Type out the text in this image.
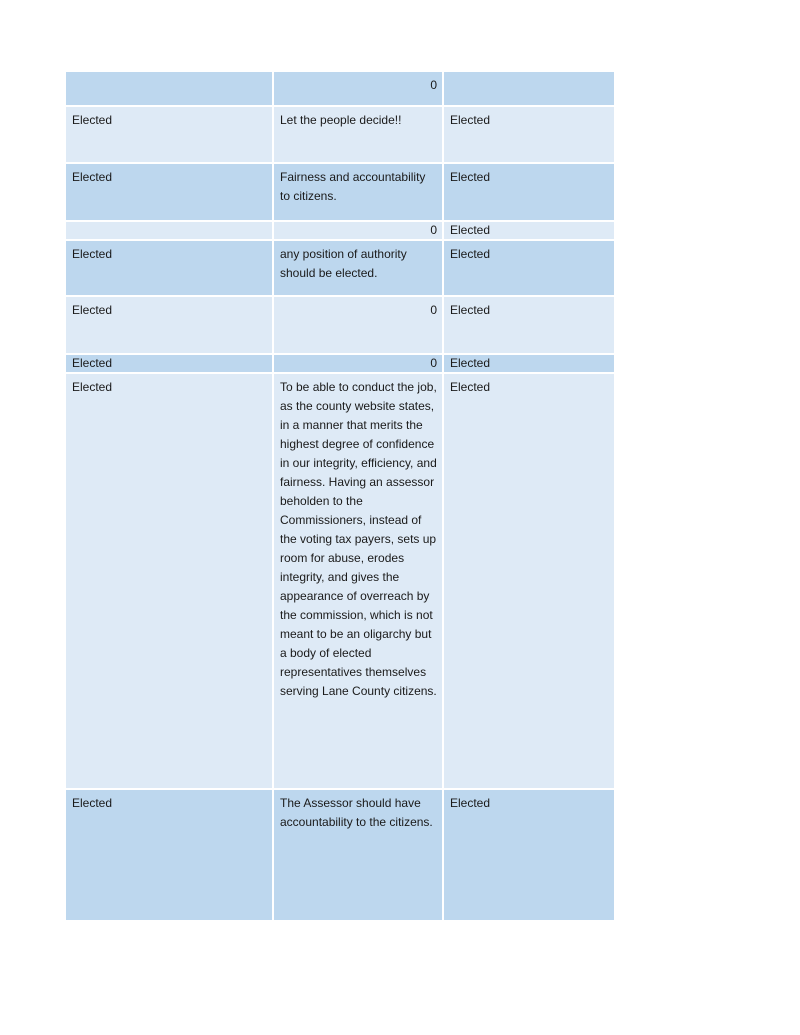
	0	
Elected	Let the people decide!!	Elected
Elected	Fairness and accountability to citizens.	Elected
	0	Elected
Elected	any position of authority should be elected.	Elected
Elected	0	Elected
Elected	0	Elected
Elected	To be able to conduct the job, as the county website states, in a manner that merits the highest degree of confidence in our integrity, efficiency, and fairness. Having an assessor beholden to the Commissioners, instead of the voting tax payers, sets up room for abuse, erodes integrity, and gives the appearance of overreach by the commission, which is not meant to be an oligarchy but a body of elected representatives themselves serving Lane County citizens.	Elected
Elected	The Assessor should have accountability to the citizens.	Elected
